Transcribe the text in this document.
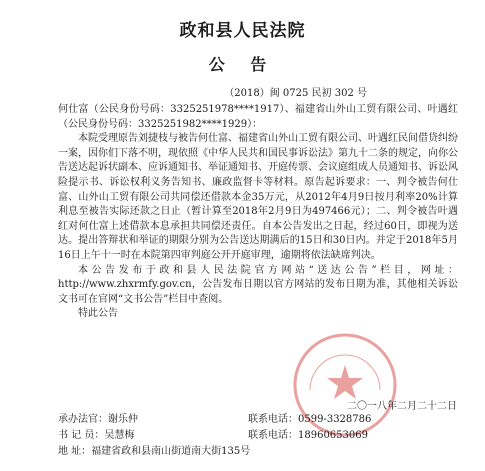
政和县人民法院
公 告
（2018）闽 0725 民初 302 号

何仕富（公民身份号码：3325251978****1917）、福建省山外山工贸有限公司、叶遇红（公民身份号码：3325251982****1929）：

本院受理原告刘捷枝与被告何仕富、福建省山外山工贸有限公司、叶遇红民间借贷纠纷一案，因你们下落不明，现依照《中华人民共和国民事诉讼法》第九十二条的规定，向你公告送达起诉状副本、应诉通知书、举证通知书、开庭传票、会议庭组成人员通知书、诉讼风险提示书、诉讼权利义务告知书、廉政监督卡等材料。原告起诉要求：一、判令被告何仕富、山外山工贸有限公司共同偿还借款本金35万元，从2012年4月9日按月利率20%计算利息至被告实际还款之日止（暂计算至2018年2月9日为497466元）；二、判令被告叶遇红对何仕富上述借款本息承担共同偿还责任。自本公告发出之日起，经过60日，即视为送达。提出答辩状和举证的期限分别为公告送达期满后的15日和30日内。并定于2018年5月16日上午十一时在本院第四审判庭公开开庭审理，逾期将依法缺席判决。

本公告发布于政和县人民法院官方网站“送达公告”栏目，网址：http://www.zhxrmfy.gov.cn，公告发布日期以官方网站的发布日期为准，其他相关诉讼文书可在官网“文书公告”栏目中查阅。

特此公告

二〇一八年二月二十二日
承办法官：谢乐仲	联系电话：0599-3328786
书 记 员：吴慧梅	联系电话：18960653069
地 址： 福建省政和县南山街道南大街135号
